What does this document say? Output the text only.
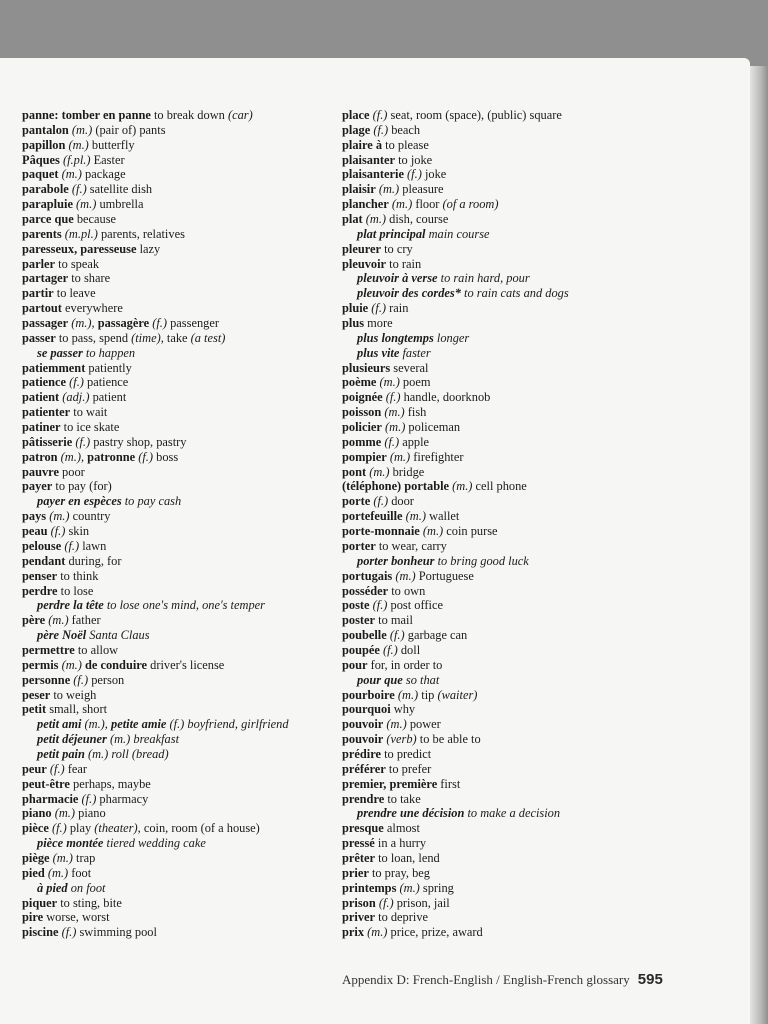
panne: tomber en panne to break down (car)
pantalon (m.) (pair of) pants
papillon (m.) butterfly
Pâques (f.pl.) Easter
paquet (m.) package
parabole (f.) satellite dish
parapluie (m.) umbrella
parce que because
parents (m.pl.) parents, relatives
paresseux, paresseuse lazy
parler to speak
partager to share
partir to leave
partout everywhere
passager (m.), passagère (f.) passenger
passer to pass, spend (time), take (a test)
se passer to happen
patiemment patiently
patience (f.) patience
patient (adj.) patient
patienter to wait
patiner to ice skate
pâtisserie (f.) pastry shop, pastry
patron (m.), patronne (f.) boss
pauvre poor
payer to pay (for)
payer en espèces to pay cash
pays (m.) country
peau (f.) skin
pelouse (f.) lawn
pendant during, for
penser to think
perdre to lose
perdre la tête to lose one's mind, one's temper
père (m.) father
père Noël Santa Claus
permettre to allow
permis (m.) de conduire driver's license
personne (f.) person
peser to weigh
petit small, short
petit ami (m.), petite amie (f.) boyfriend, girlfriend
petit déjeuner (m.) breakfast
petit pain (m.) roll (bread)
peur (f.) fear
peut-être perhaps, maybe
pharmacie (f.) pharmacy
piano (m.) piano
pièce (f.) play (theater), coin, room (of a house)
pièce montée tiered wedding cake
piège (m.) trap
pied (m.) foot
à pied on foot
piquer to sting, bite
pire worse, worst
piscine (f.) swimming pool
place (f.) seat, room (space), (public) square
plage (f.) beach
plaire à to please
plaisanter to joke
plaisanterie (f.) joke
plaisir (m.) pleasure
plancher (m.) floor (of a room)
plat (m.) dish, course
plat principal main course
pleurer to cry
pleuvoir to rain
pleuvoir à verse to rain hard, pour
pleuvoir des cordes* to rain cats and dogs
pluie (f.) rain
plus more
plus longtemps longer
plus vite faster
plusieurs several
poème (m.) poem
poignée (f.) handle, doorknob
poisson (m.) fish
policier (m.) policeman
pomme (f.) apple
pompier (m.) firefighter
pont (m.) bridge
(téléphone) portable (m.) cell phone
porte (f.) door
portefeuille (m.) wallet
porte-monnaie (m.) coin purse
porter to wear, carry
porter bonheur to bring good luck
portugais (m.) Portuguese
posséder to own
poste (f.) post office
poster to mail
poubelle (f.) garbage can
poupée (f.) doll
pour for, in order to
pour que so that
pourboire (m.) tip (waiter)
pourquoi why
pouvoir (m.) power
pouvoir (verb) to be able to
prédire to predict
préférer to prefer
premier, première first
prendre to take
prendre une décision to make a decision
presque almost
pressé in a hurry
prêter to loan, lend
prier to pray, beg
printemps (m.) spring
prison (f.) prison, jail
priver to deprive
prix (m.) price, prize, award
Appendix D: French-English / English-French glossary 595
